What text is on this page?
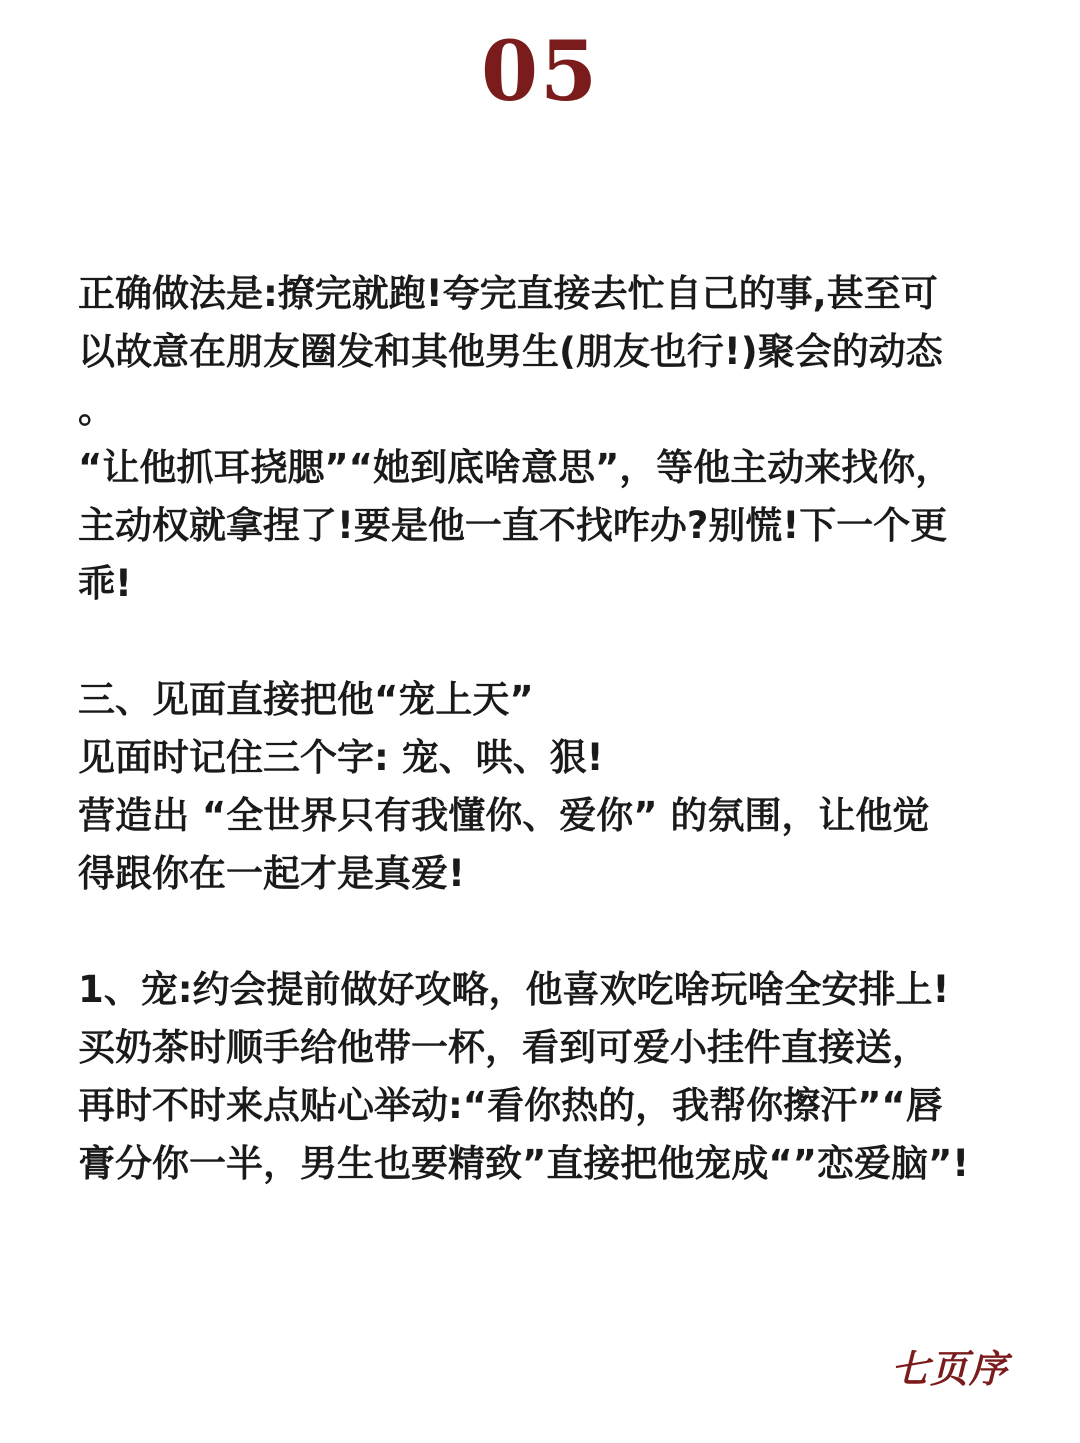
05
正确做法是:撩完就跑!夸完直接去忙自己的事,甚至可
以故意在朋友圈发和其他男生(朋友也行!)聚会的动态
。
“让他抓耳挠腮”“她到底啥意思”，等他主动来找你，
主动权就拿捏了!要是他一直不找咋办?别慌!下一个更
乖!
三、见面直接把他“宠上天”
见面时记住三个字: 宠、哄、狠!
营造出 “全世界只有我懂你、爱你” 的氛围，让他觉
得跟你在一起才是真爱!
1、宠:约会提前做好攻略，他喜欢吃啥玩啥全安排上!
买奶茶时顺手给他带一杯，看到可爱小挂件直接送，
再时不时来点贴心举动:“看你热的，我帮你擦汗”“唇
膏分你一半，男生也要精致”直接把他宠成“”恋爱脑”!
七页序
